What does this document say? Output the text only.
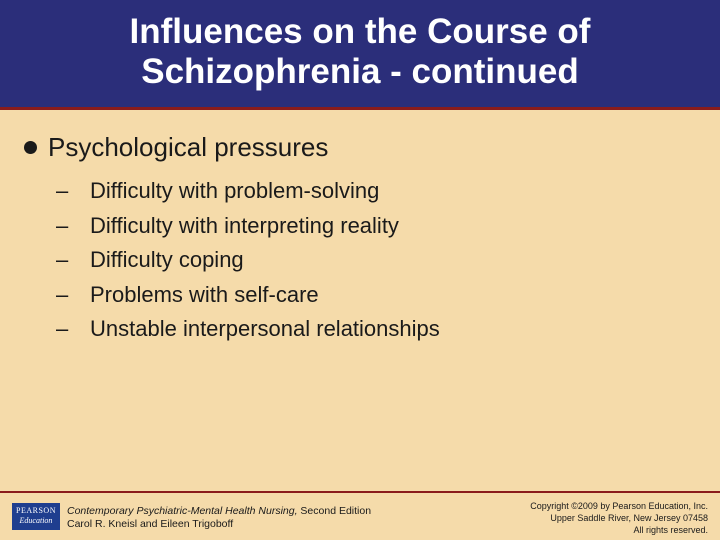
Influences on the Course of
Schizophrenia - continued
Psychological pressures
– Difficulty with problem-solving
– Difficulty with interpreting reality
– Difficulty coping
– Problems with self-care
– Unstable interpersonal relationships
PEARSON
Education
Contemporary Psychiatric-Mental Health Nursing, Second Edition
Carol R. Kneisl and Eileen Trigoboff
Copyright ©2009 by Pearson Education, Inc.
Upper Saddle River, New Jersey 07458
All rights reserved.
